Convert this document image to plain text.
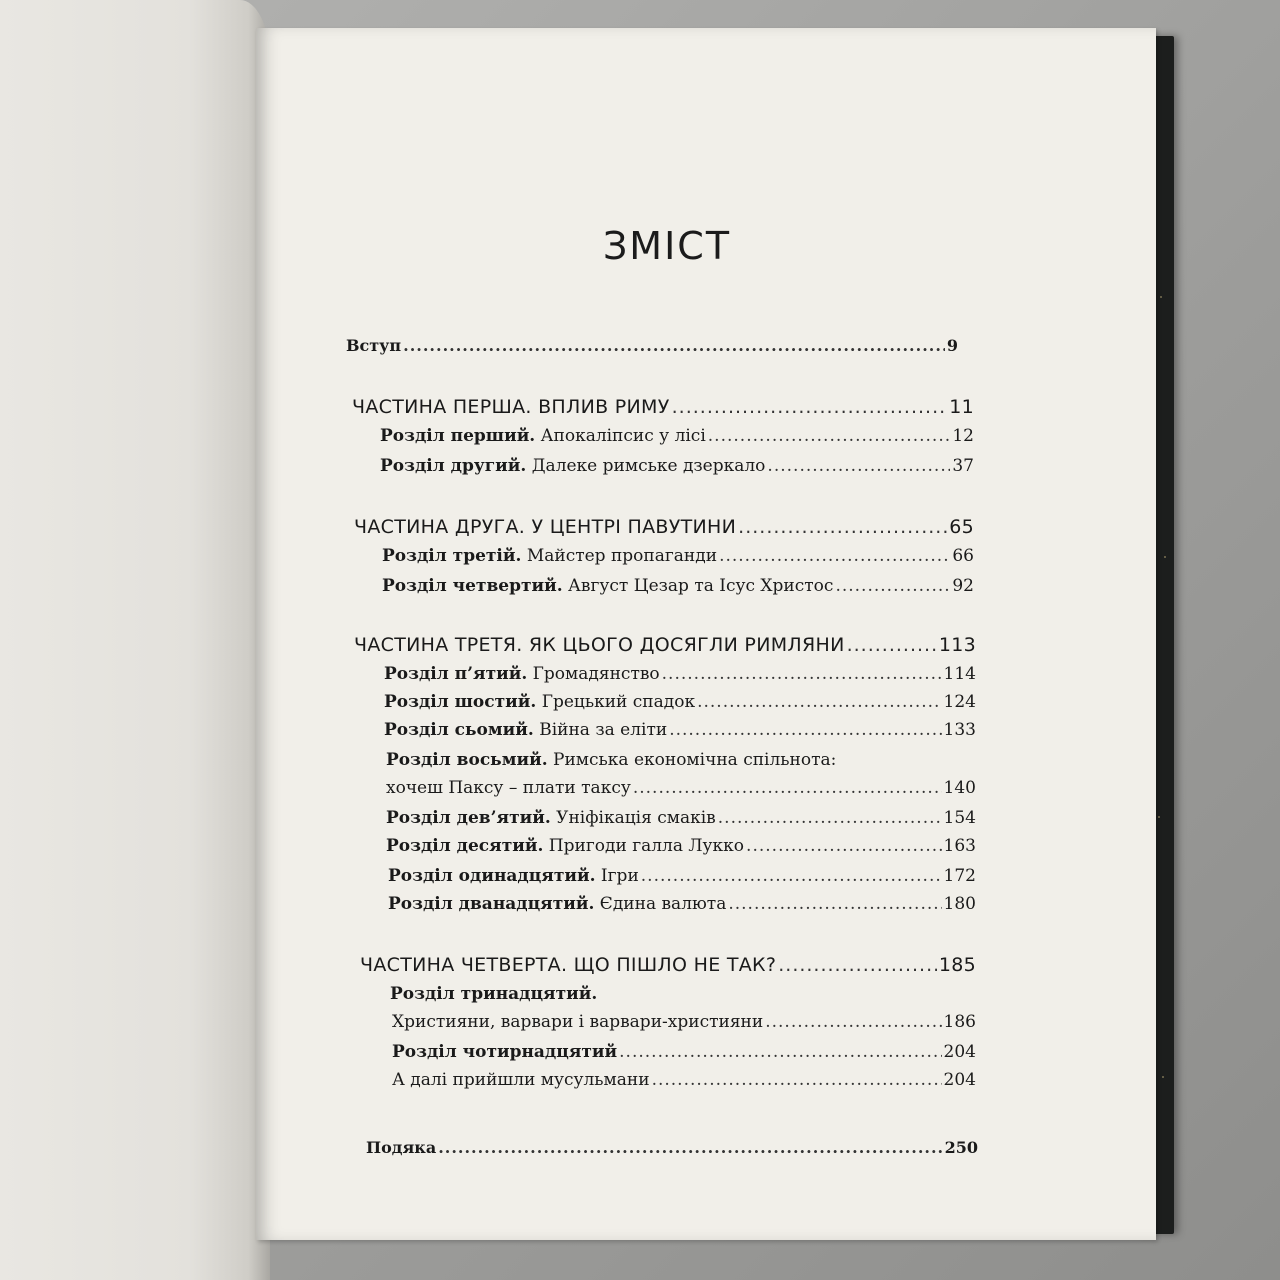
ЗМІСТ
Вступ .....	9
ЧАСТИНА ПЕРША. ВПЛИВ РИМУ .....	11
Розділ перший. Апокаліпсис у лісі .....	12
Розділ другий. Далеке римське дзеркало .....	37
ЧАСТИНА ДРУГА. У ЦЕНТРІ ПАВУТИНИ .....	65
Розділ третій. Майстер пропаганди .....	66
Розділ четвертий. Август Цезар та Ісус Христос .....	92
ЧАСТИНА ТРЕТЯ. ЯК ЦЬОГО ДОСЯГЛИ РИМЛЯНИ .....	113
Розділ п’ятий. Громадянство .....	114
Розділ шостий. Грецький спадок .....	124
Розділ сьомий. Війна за еліти .....	133
Розділ восьмий. Римська економічна спільнота:
хочеш Паксу – плати таксу .....	140
Розділ дев’ятий. Уніфікація смаків .....	154
Розділ десятий. Пригоди галла Лукко .....	163
Розділ одинадцятий. Ігри .....	172
Розділ дванадцятий. Єдина валюта .....	180
ЧАСТИНА ЧЕТВЕРТА. ЩО ПІШЛО НЕ ТАК? .....	185
Розділ тринадцятий.
Християни, варвари і варвари-християни .....	186
Розділ чотирнадцятий .....	204
А далі прийшли мусульмани .....	204
Подяка .....	250
